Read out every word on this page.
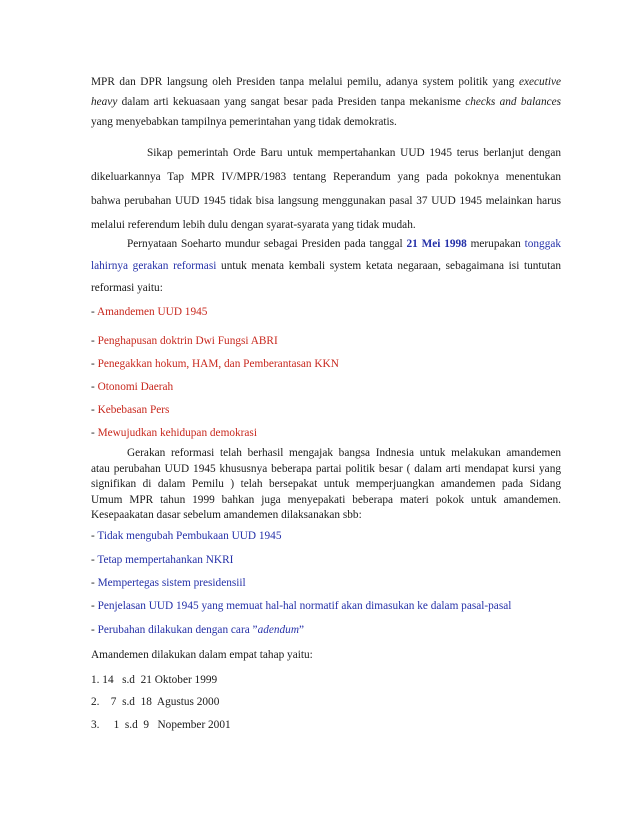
MPR dan DPR langsung oleh Presiden tanpa melalui pemilu, adanya system politik yang executive
heavy dalam arti kekuasaan yang sangat besar pada Presiden tanpa mekanisme checks and balances
yang menyebabkan tampilnya pemerintahan yang tidak demokratis.
Sikap pemerintah Orde Baru untuk mempertahankan UUD 1945 terus berlanjut dengan
dikeluarkannya Tap MPR IV/MPR/1983 tentang Reperandum yang pada pokoknya menentukan
bahwa perubahan UUD 1945 tidak bisa langsung menggunakan pasal 37 UUD 1945 melainkan harus
melalui referendum lebih dulu dengan syarat-syarata yang tidak mudah.
Pernyataan Soeharto mundur sebagai Presiden pada tanggal 21 Mei 1998 merupakan tonggak
lahirnya gerakan reformasi untuk menata kembali system ketata negaraan, sebagaimana isi tuntutan
reformasi yaitu:
- Amandemen UUD 1945
- Penghapusan doktrin Dwi Fungsi ABRI
- Penegakkan hokum, HAM, dan Pemberantasan KKN
- Otonomi Daerah
- Kebebasan Pers
- Mewujudkan kehidupan demokrasi
Gerakan reformasi telah berhasil mengajak bangsa Indnesia untuk melakukan amandemen
atau perubahan UUD 1945 khususnya beberapa partai politik besar ( dalam arti mendapat kursi yang
signifikan di dalam Pemilu ) telah bersepakat untuk memperjuangkan amandemen pada Sidang
Umum MPR tahun 1999 bahkan juga menyepakati beberapa materi pokok untuk amandemen.
Kesepaakatan dasar sebelum amandemen dilaksanakan sbb:
- Tidak mengubah Pembukaan UUD 1945
- Tetap mempertahankan NKRI
- Mempertegas sistem presidensiil
- Penjelasan UUD 1945 yang memuat hal-hal normatif akan dimasukan ke dalam pasal-pasal
- Perubahan dilakukan dengan cara ”adendum”
Amandemen dilakukan dalam empat tahap yaitu:
1. 14   s.d  21 Oktober 1999
2.    7  s.d  18  Agustus 2000
3.     1  s.d  9   Nopember 2001
